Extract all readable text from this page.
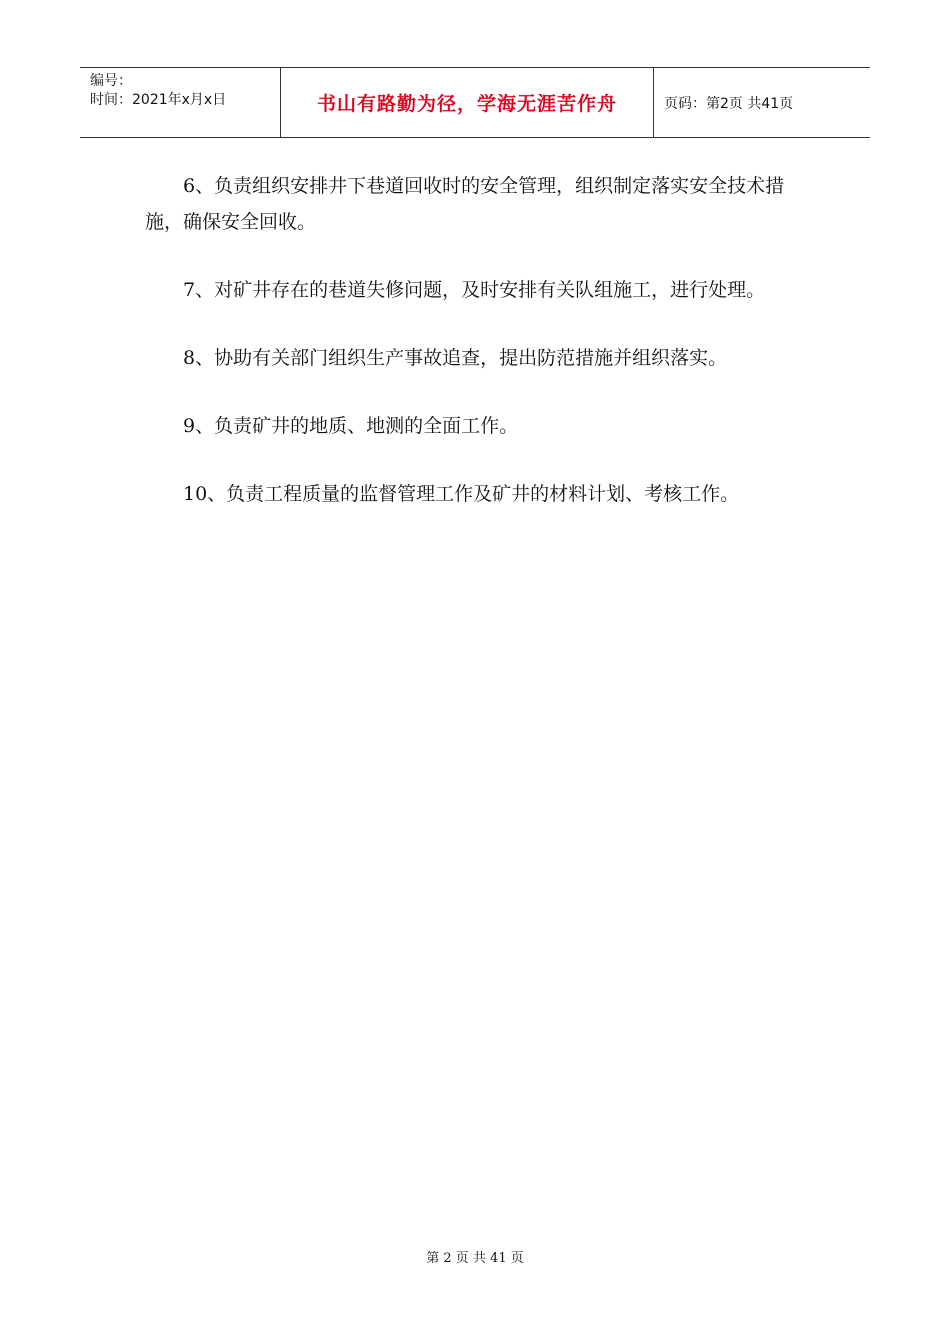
编号：
时间：2021年x月x日	书山有路勤为径，学海无涯苦作舟	页码：第2页 共41页

6、负责组织安排井下巷道回收时的安全管理，组织制定落实安全技术措施，确保安全回收。

7、对矿井存在的巷道失修问题，及时安排有关队组施工，进行处理。

8、协助有关部门组织生产事故追查，提出防范措施并组织落实。

9、负责矿井的地质、地测的全面工作。

10、负责工程质量的监督管理工作及矿井的材料计划、考核工作。

第 2 页 共 41 页
